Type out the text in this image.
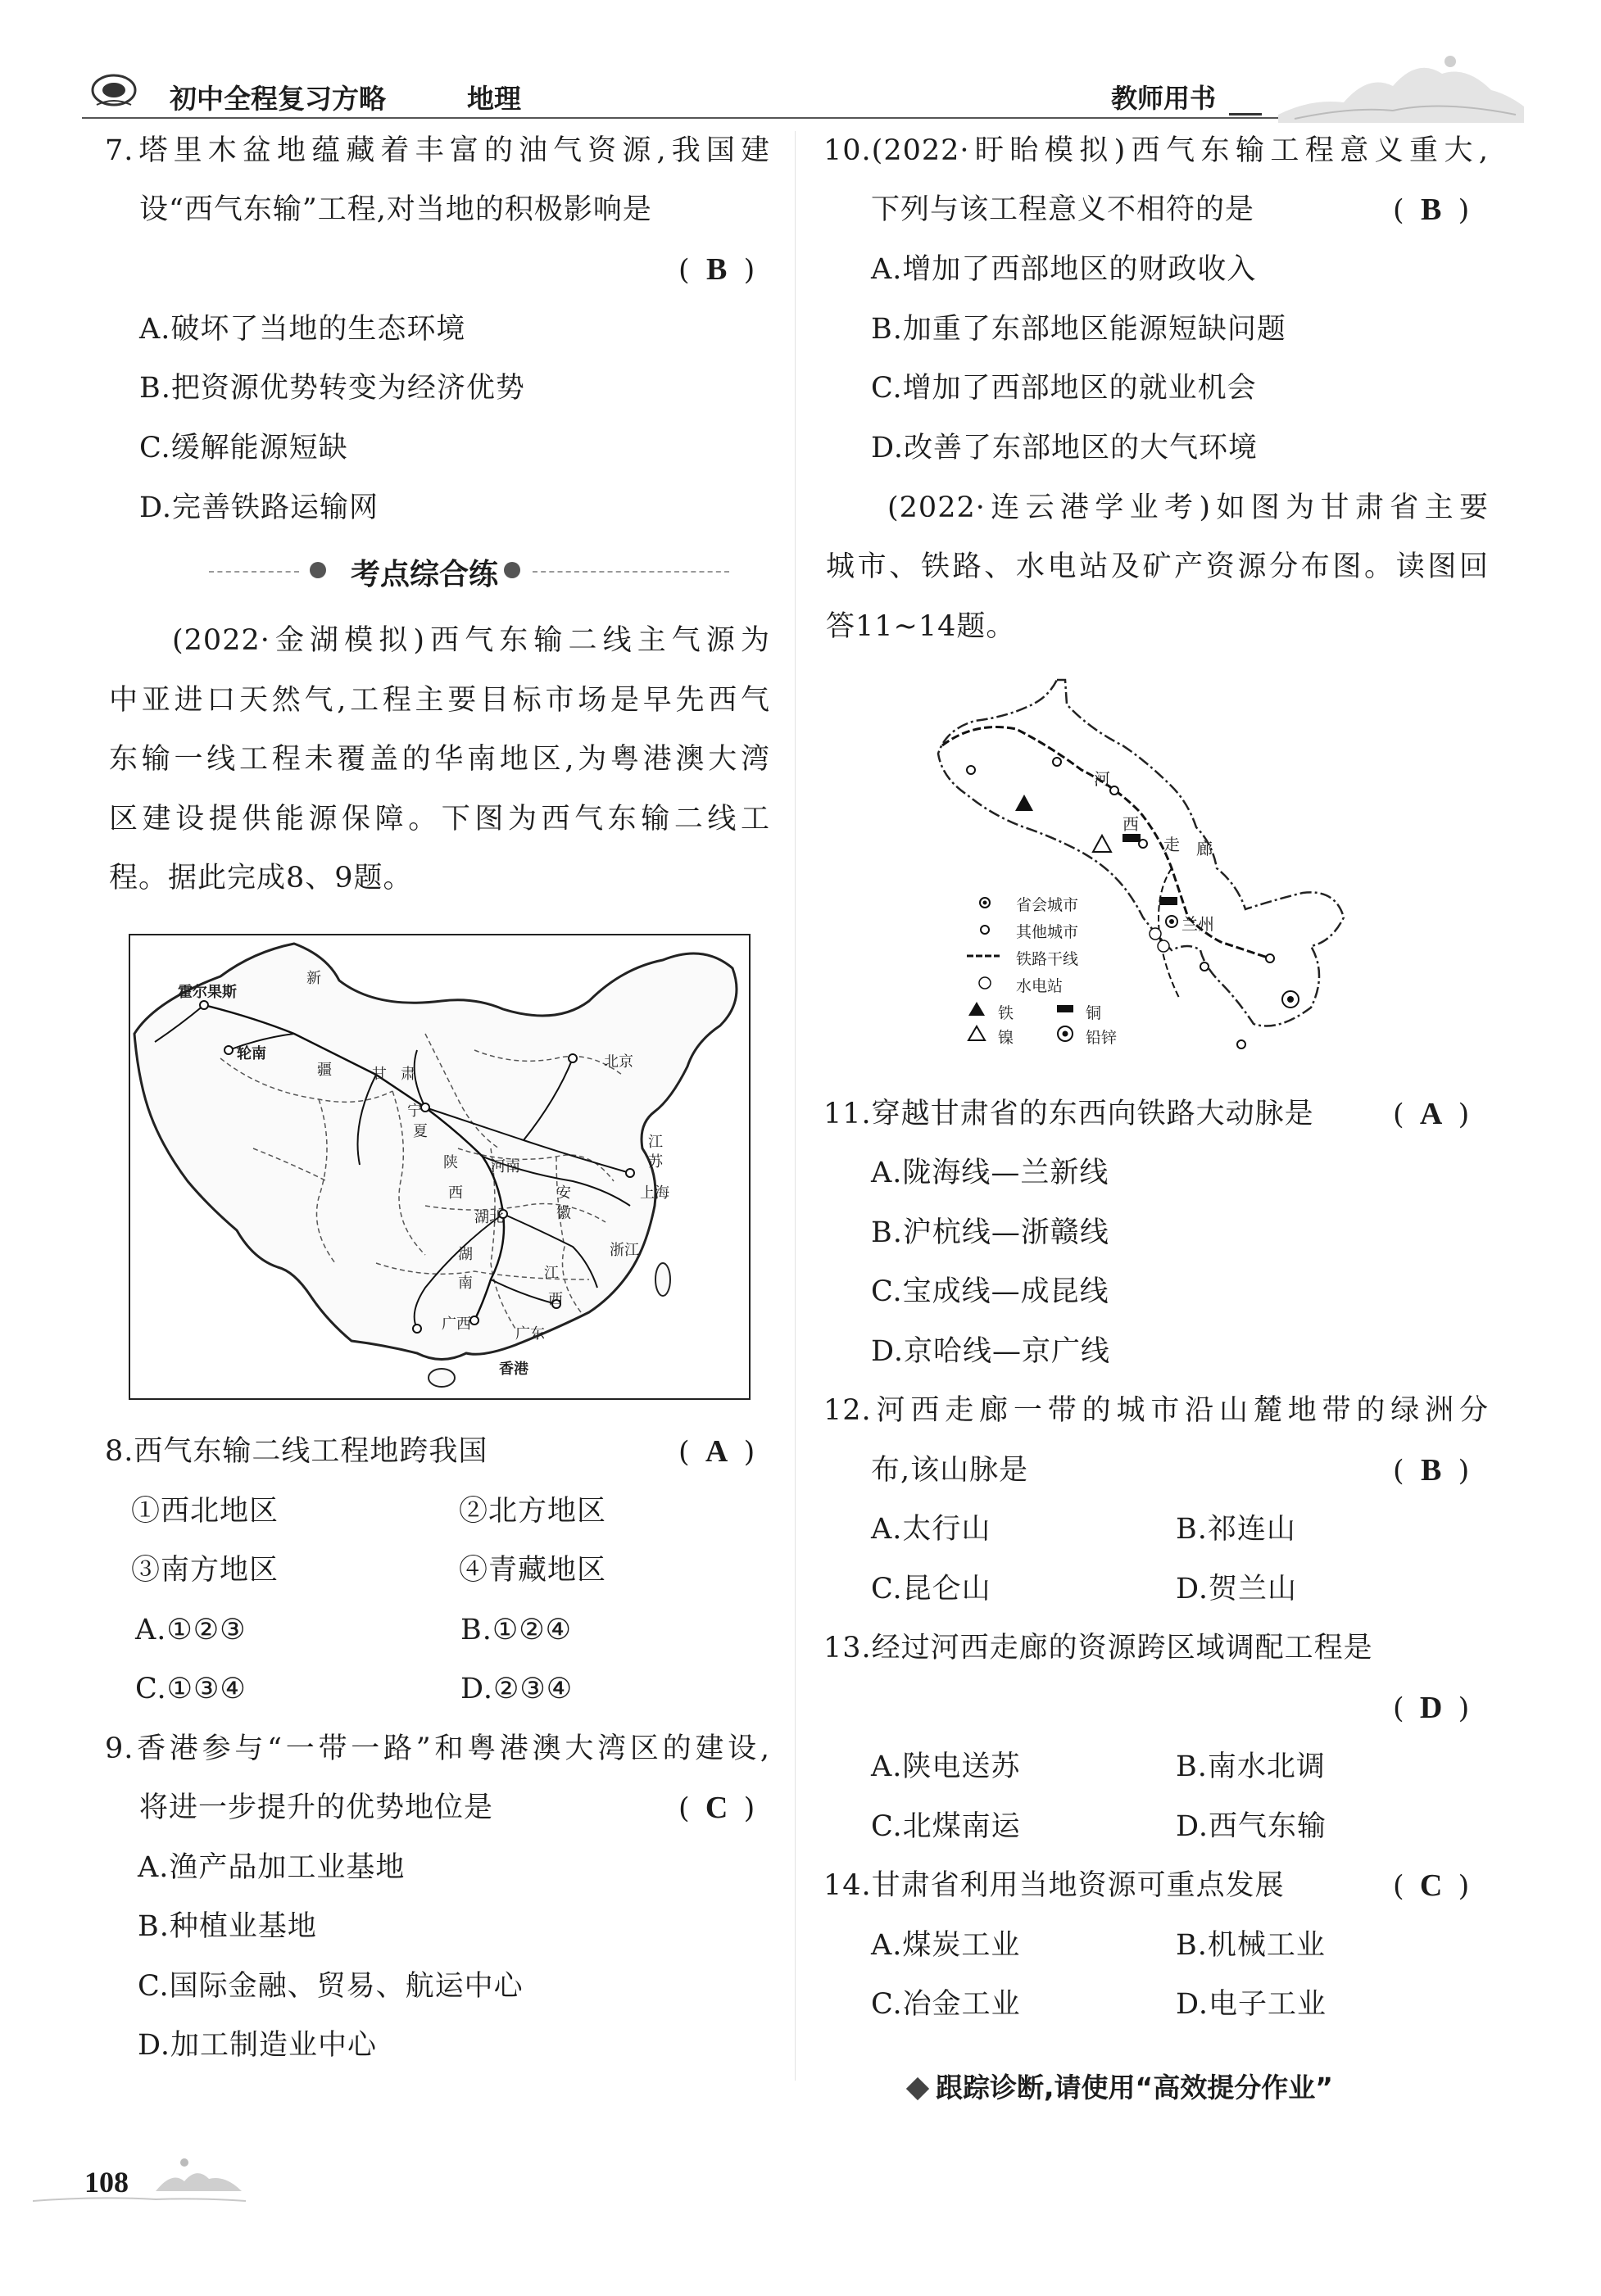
初中全程复习方略	地理	教师用书
7.塔里木盆地蕴藏着丰富的油气资源,我国建
设“西气东输”工程,对当地的积极影响是
( B )
A.破坏了当地的生态环境
B.把资源优势转变为经济优势
C.缓解能源短缺
D.完善铁路运输网
考点综合练
(2022·金湖模拟)西气东输二线主气源为
中亚进口天然气,工程主要目标市场是早先西气
东输一线工程未覆盖的华南地区,为粤港澳大湾
区建设提供能源保障。下图为西气东输二线工
程。据此完成8、9题。
新
霍尔果斯
轮南
疆	甘 肃
宁
夏
陕
西
河南
湖北
安
徽
江
苏
北京
上海
浙江
湖
南
江
西
广西
广东
香港
8.西气东输二线工程地跨我国	( A )
①西北地区	②北方地区
③南方地区	④青藏地区
A.①②③	B.①②④
C.①③④	D.②③④
9.香港参与“一带一路”和粤港澳大湾区的建设,
将进一步提升的优势地位是	( C )
A.渔产品加工业基地
B.种植业基地
C.国际金融、贸易、航运中心
D.加工制造业中心
10.(2022·盱眙模拟)西气东输工程意义重大,
下列与该工程意义不相符的是	( B )
A.增加了西部地区的财政收入
B.加重了东部地区能源短缺问题
C.增加了西部地区的就业机会
D.改善了东部地区的大气环境
(2022·连云港学业考)如图为甘肃省主要
城市、铁路、水电站及矿产资源分布图。读图回
答11~14题。
河
西
走 廊
兰州
省会城市
其他城市
铁路干线
水电站
铁	铜
镍	铅锌
11.穿越甘肃省的东西向铁路大动脉是	( A )
A.陇海线—兰新线
B.沪杭线—浙赣线
C.宝成线—成昆线
D.京哈线—京广线
12.河西走廊一带的城市沿山麓地带的绿洲分
布,该山脉是	( B )
A.太行山	B.祁连山
C.昆仑山	D.贺兰山
13.经过河西走廊的资源跨区域调配工程是
( D )
A.陕电送苏	B.南水北调
C.北煤南运	D.西气东输
14.甘肃省利用当地资源可重点发展	( C )
A.煤炭工业	B.机械工业
C.冶金工业	D.电子工业
跟踪诊断,请使用“高效提分作业”
108
